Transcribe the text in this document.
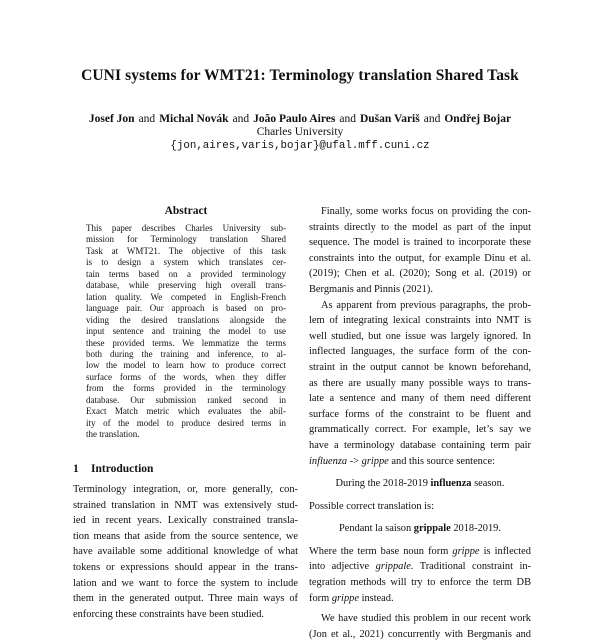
CUNI systems for WMT21: Terminology translation Shared Task
Josef Jon and Michal Novák and João Paulo Aires and Dušan Variš and Ondřej Bojar
Charles University
{jon,aires,varis,bojar}@ufal.mff.cuni.cz
Abstract
This paper describes Charles University sub-
mission for Terminology translation Shared
Task at WMT21. The objective of this task
is to design a system which translates cer-
tain terms based on a provided terminology
database, while preserving high overall trans-
lation quality. We competed in English-French
language pair. Our approach is based on pro-
viding the desired translations alongside the
input sentence and training the model to use
these provided terms. We lemmatize the terms
both during the training and inference, to al-
low the model to learn how to produce correct
surface forms of the words, when they differ
from the forms provided in the terminology
database. Our submission ranked second in
Exact Match metric which evaluates the abil-
ity of the model to produce desired terms in
the translation.
1 Introduction
Terminology integration, or, more generally, con-
strained translation in NMT was extensively stud-
ied in recent years. Lexically constrained transla-
tion means that aside from the source sentence, we
have available some additional knowledge of what
tokens or expressions should appear in the trans-
lation and we want to force the system to include
them in the generated output. Three main ways of
enforcing these constraints have been studied.
Finally, some works focus on providing the con-
straints directly to the model as part of the input
sequence. The model is trained to incorporate these
constraints into the output, for example Dinu et al.
(2019); Chen et al. (2020); Song et al. (2019) or
Bergmanis and Pinnis (2021).
As apparent from previous paragraphs, the prob-
lem of integrating lexical constraints into NMT is
well studied, but one issue was largely ignored. In
inflected languages, the surface form of the con-
straint in the output cannot be known beforehand,
as there are usually many possible ways to trans-
late a sentence and many of them need different
surface forms of the constraint to be fluent and
grammatically correct. For example, let’s say we
have a terminology database containing term pair
influenza -> grippe and this source sentence:
During the 2018-2019 influenza season.
Possible correct translation is:
Pendant la saison grippale 2018-2019.
Where the term base noun form grippe is inflected
into adjective grippale. Traditional constraint in-
tegration methods will try to enforce the term DB
form grippe instead.
We have studied this problem in our recent work
(Jon et al., 2021) concurrently with Bergmanis and
